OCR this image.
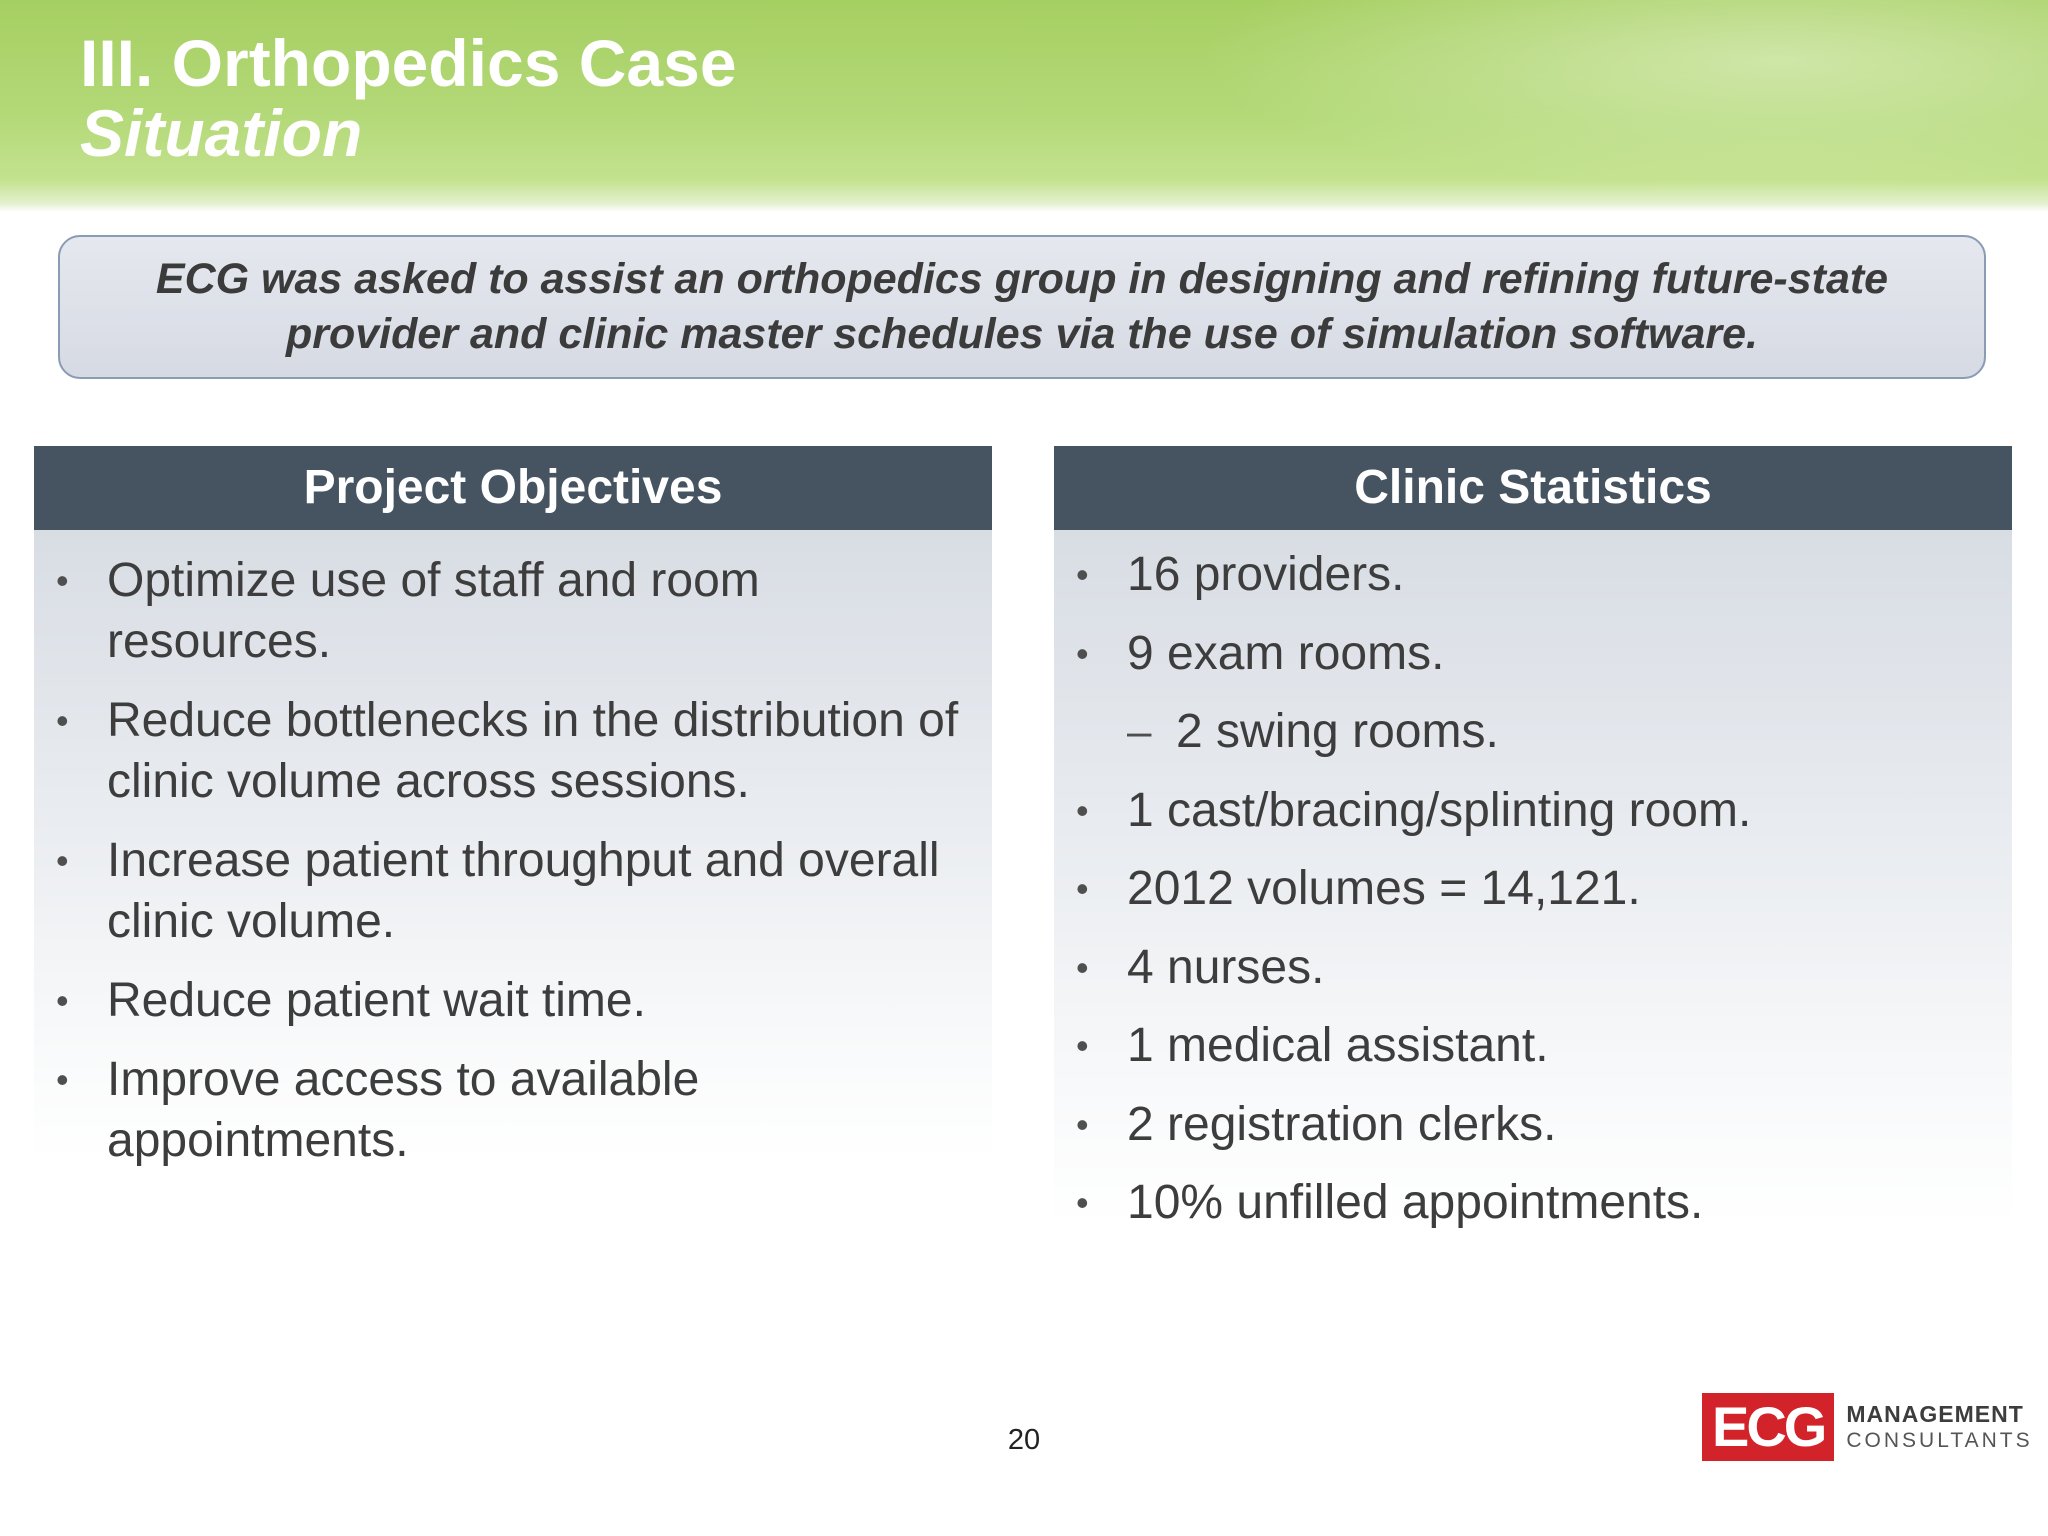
III. Orthopedics Case
Situation
ECG was asked to assist an orthopedics group in designing and refining future-state provider and clinic master schedules via the use of simulation software.
Project Objectives
• Optimize use of staff and room resources.
• Reduce bottlenecks in the distribution of clinic volume across sessions.
• Increase patient throughput and overall clinic volume.
• Reduce patient wait time.
• Improve access to available appointments.
Clinic Statistics
• 16 providers.
• 9 exam rooms.
– 2 swing rooms.
• 1 cast/bracing/splinting room.
• 2012 volumes = 14,121.
• 4 nurses.
• 1 medical assistant.
• 2 registration clerks.
• 10% unfilled appointments.
20	ECG MANAGEMENT
CONSULTANTS
